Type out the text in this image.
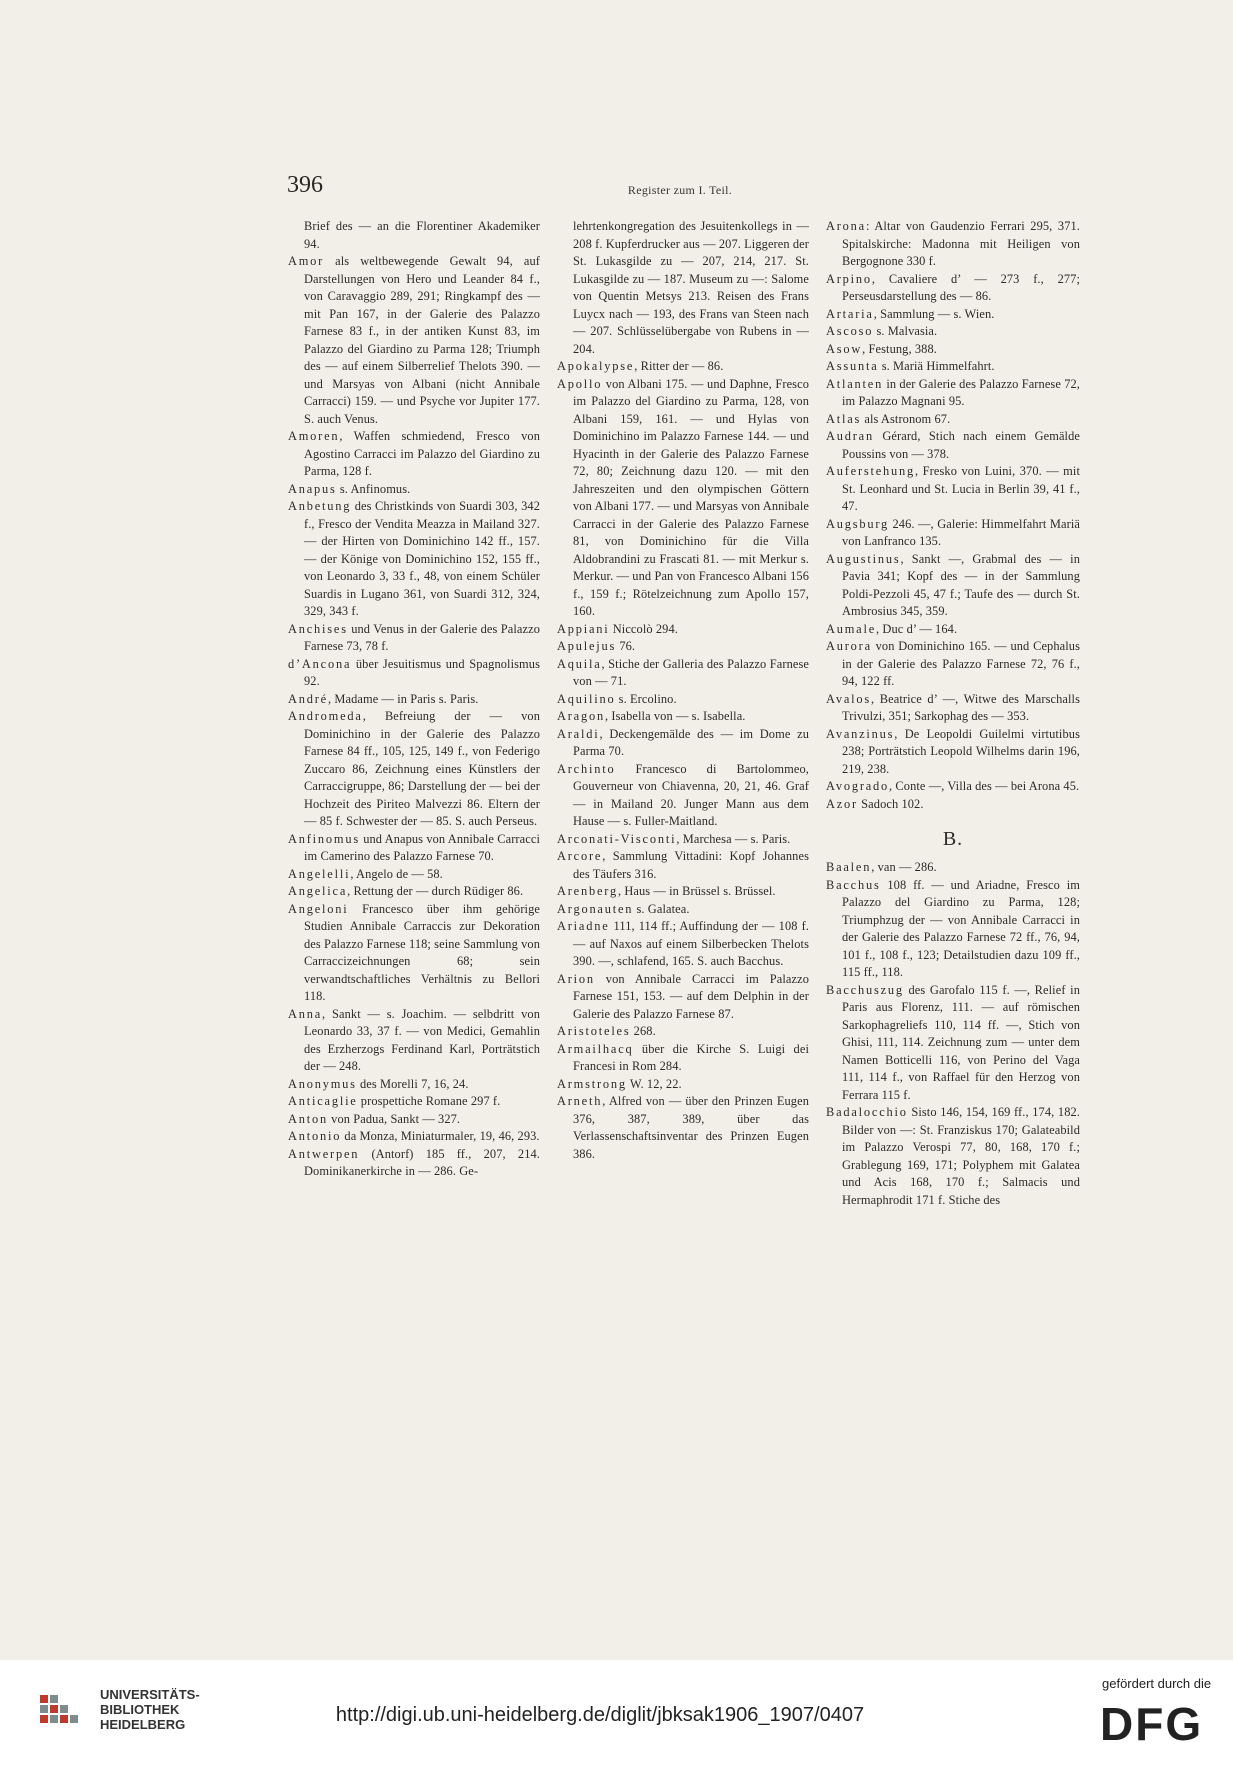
396	Register zum I. Teil.

Brief des — an die Florentiner Akademiker 94.

Amor als weltbewegende Gewalt 94, auf Darstellungen von Hero und Leander 84 f., von Caravaggio 289, 291; Ringkampf des — mit Pan 167, in der Galerie des Palazzo Farnese 83 f., in der antiken Kunst 83, im Palazzo del Giardino zu Parma 128; Triumph des — auf einem Silberrelief Thelots 390. — und Marsyas von Albani (nicht Annibale Carracci) 159. — und Psyche vor Jupiter 177. S. auch Venus.

Amoren, Waffen schmiedend, Fresco von Agostino Carracci im Palazzo del Giardino zu Parma, 128 f.

Anapus s. Anfinomus.

Anbetung des Christkinds von Suardi 303, 342 f., Fresco der Vendita Meazza in Mailand 327. — der Hirten von Dominichino 142 ff., 157. — der Könige von Dominichino 152, 155 ff., von Leonardo 3, 33 f., 48, von einem Schüler Suardis in Lugano 361, von Suardi 312, 324, 329, 343 f.

Anchises und Venus in der Galerie des Palazzo Farnese 73, 78 f.

d’Ancona über Jesuitismus und Spagnolismus 92.

André, Madame — in Paris s. Paris.

Andromeda, Befreiung der — von Dominichino in der Galerie des Palazzo Farnese 84 ff., 105, 125, 149 f., von Federigo Zuccaro 86, Zeichnung eines Künstlers der Carraccigruppe, 86; Darstellung der — bei der Hochzeit des Piriteo Malvezzi 86. Eltern der — 85 f. Schwester der — 85. S. auch Perseus.

Anfinomus und Anapus von Annibale Carracci im Camerino des Palazzo Farnese 70.

Angelelli, Angelo de — 58.

Angelica, Rettung der — durch Rüdiger 86.

Angeloni Francesco über ihm gehörige Studien Annibale Carraccis zur Dekoration des Palazzo Farnese 118; seine Sammlung von Carraccizeichnungen 68; sein verwandtschaftliches Verhältnis zu Bellori 118.

Anna, Sankt — s. Joachim. — selbdritt von Leonardo 33, 37 f. — von Medici, Gemahlin des Erzherzogs Ferdinand Karl, Porträtstich der — 248.

Anonymus des Morelli 7, 16, 24.

Anticaglie prospettiche Romane 297 f.

Anton von Padua, Sankt — 327.

Antonio da Monza, Miniaturmaler, 19, 46, 293.

Antwerpen (Antorf) 185 ff., 207, 214. Dominikanerkirche in — 286. Ge-

lehrtenkongregation des Jesuitenkollegs in — 208 f. Kupferdrucker aus — 207. Liggeren der St. Lukasgilde zu — 207, 214, 217. St. Lukasgilde zu — 187. Museum zu —: Salome von Quentin Metsys 213. Reisen des Frans Luycx nach — 193, des Frans van Steen nach — 207. Schlüsselübergabe von Rubens in — 204.

Apokalypse, Ritter der — 86.

Apollo von Albani 175. — und Daphne, Fresco im Palazzo del Giardino zu Parma, 128, von Albani 159, 161. — und Hylas von Dominichino im Palazzo Farnese 144. — und Hyacinth in der Galerie des Palazzo Farnese 72, 80; Zeichnung dazu 120. — mit den Jahreszeiten und den olympischen Göttern von Albani 177. — und Marsyas von Annibale Carracci in der Galerie des Palazzo Farnese 81, von Dominichino für die Villa Aldobrandini zu Frascati 81. — mit Merkur s. Merkur. — und Pan von Francesco Albani 156 f., 159 f.; Rötelzeichnung zum Apollo 157, 160.

Appiani Niccolò 294.

Apulejus 76.

Aquila, Stiche der Galleria des Palazzo Farnese von — 71.

Aquilino s. Ercolino.

Aragon, Isabella von — s. Isabella.

Araldi, Deckengemälde des — im Dome zu Parma 70.

Archinto Francesco di Bartolommeo, Gouverneur von Chiavenna, 20, 21, 46. Graf — in Mailand 20. Junger Mann aus dem Hause — s. Fuller-Maitland.

Arconati-Visconti, Marchesa — s. Paris.

Arcore, Sammlung Vittadini: Kopf Johannes des Täufers 316.

Arenberg, Haus — in Brüssel s. Brüssel.

Argonauten s. Galatea.

Ariadne 111, 114 ff.; Auffindung der — 108 f. — auf Naxos auf einem Silberbecken Thelots 390. —, schlafend, 165. S. auch Bacchus.

Arion von Annibale Carracci im Palazzo Farnese 151, 153. — auf dem Delphin in der Galerie des Palazzo Farnese 87.

Aristoteles 268.

Armailhacq über die Kirche S. Luigi dei Francesi in Rom 284.

Armstrong W. 12, 22.

Arneth, Alfred von — über den Prinzen Eugen 376, 387, 389, über das Verlassenschaftsinventar des Prinzen Eugen 386.

Arona: Altar von Gaudenzio Ferrari 295, 371. Spitalskirche: Madonna mit Heiligen von Bergognone 330 f.

Arpino, Cavaliere d’ — 273 f., 277; Perseusdarstellung des — 86.

Artaria, Sammlung — s. Wien.

Ascoso s. Malvasia.

Asow, Festung, 388.

Assunta s. Mariä Himmelfahrt.

Atlanten in der Galerie des Palazzo Farnese 72, im Palazzo Magnani 95.

Atlas als Astronom 67.

Audran Gérard, Stich nach einem Gemälde Poussins von — 378.

Auferstehung, Fresko von Luini, 370. — mit St. Leonhard und St. Lucia in Berlin 39, 41 f., 47.

Augsburg 246. —, Galerie: Himmelfahrt Mariä von Lanfranco 135.

Augustinus, Sankt —, Grabmal des — in Pavia 341; Kopf des — in der Sammlung Poldi-Pezzoli 45, 47 f.; Taufe des — durch St. Ambrosius 345, 359.

Aumale, Duc d’ — 164.

Aurora von Dominichino 165. — und Cephalus in der Galerie des Palazzo Farnese 72, 76 f., 94, 122 ff.

Avalos, Beatrice d’ —, Witwe des Marschalls Trivulzi, 351; Sarkophag des — 353.

Avanzinus, De Leopoldi Guilelmi virtutibus 238; Porträtstich Leopold Wilhelms darin 196, 219, 238.

Avogrado, Conte —, Villa des — bei Arona 45.

Azor Sadoch 102.

B.

Baalen, van — 286.

Bacchus 108 ff. — und Ariadne, Fresco im Palazzo del Giardino zu Parma, 128; Triumphzug der — von Annibale Carracci in der Galerie des Palazzo Farnese 72 ff., 76, 94, 101 f., 108 f., 123; Detailstudien dazu 109 ff., 115 ff., 118.

Bacchuszug des Garofalo 115 f. —, Relief in Paris aus Florenz, 111. — auf römischen Sarkophagreliefs 110, 114 ff. —, Stich von Ghisi, 111, 114. Zeichnung zum — unter dem Namen Botticelli 116, von Perino del Vaga 111, 114 f., von Raffael für den Herzog von Ferrara 115 f.

Badalocchio Sisto 146, 154, 169 ff., 174, 182. Bilder von —: St. Franziskus 170; Galateabild im Palazzo Verospi 77, 80, 168, 170 f.; Grablegung 169, 171; Polyphem mit Galatea und Acis 168, 170 f.; Salmacis und Hermaphrodit 171 f. Stiche des

UNIVERSITÄTS-
BIBLIOTHEK
HEIDELBERG	http://digi.ub.uni-heidelberg.de/diglit/jbksak1906_1907/0407
gefördert durch die
DFG
